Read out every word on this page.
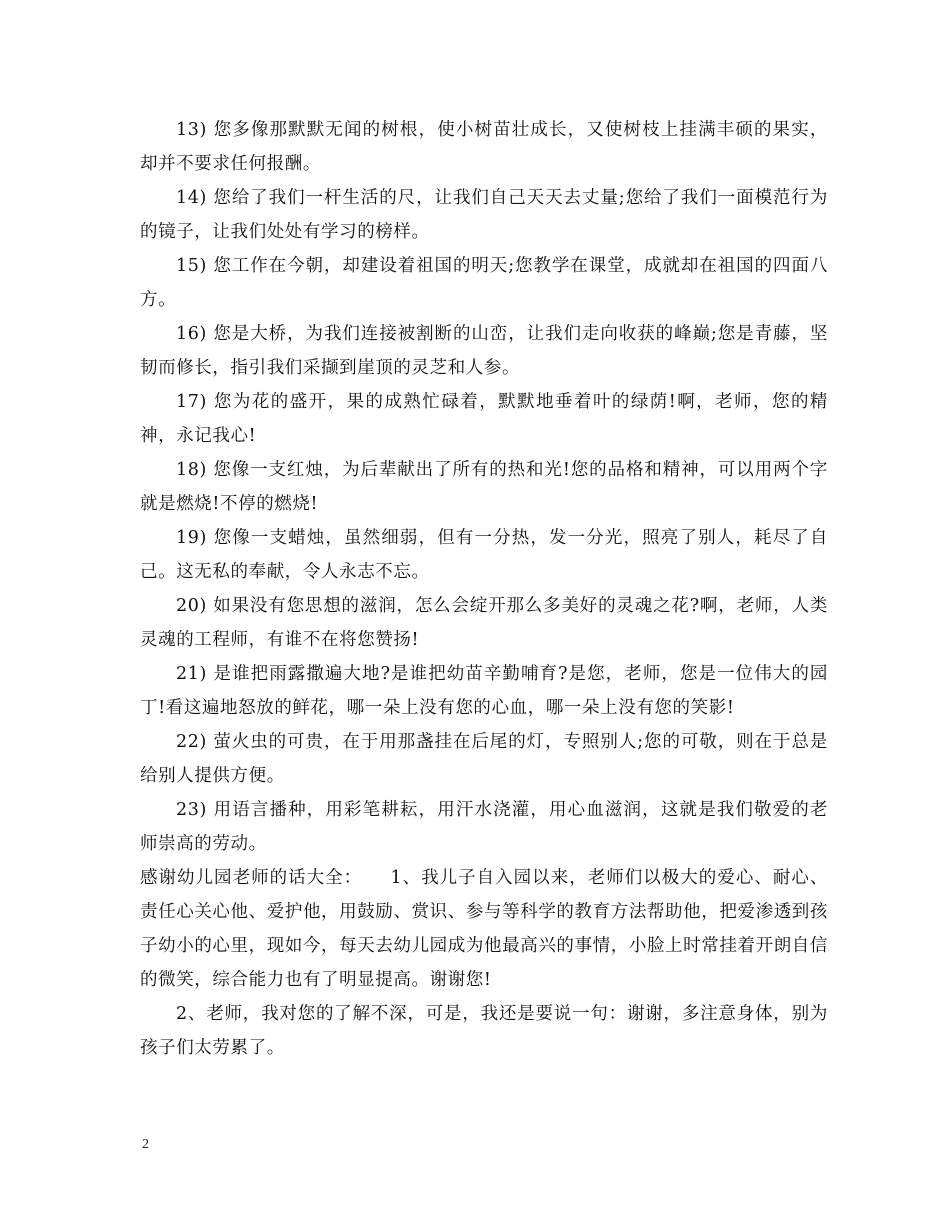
13) 您多像那默默无闻的树根，使小树苗壮成长，又使树枝上挂满丰硕的果实，却并不要求任何报酬。

14) 您给了我们一杆生活的尺，让我们自己天天去丈量;您给了我们一面模范行为的镜子，让我们处处有学习的榜样。

15) 您工作在今朝，却建设着祖国的明天;您教学在课堂，成就却在祖国的四面八方。

16) 您是大桥，为我们连接被割断的山峦，让我们走向收获的峰巅;您是青藤，坚韧而修长，指引我们采撷到崖顶的灵芝和人参。

17) 您为花的盛开，果的成熟忙碌着，默默地垂着叶的绿荫!啊，老师，您的精神，永记我心!

18) 您像一支红烛，为后辈献出了所有的热和光!您的品格和精神，可以用两个字就是燃烧!不停的燃烧!

19) 您像一支蜡烛，虽然细弱，但有一分热，发一分光，照亮了别人，耗尽了自己。这无私的奉献，令人永志不忘。

20) 如果没有您思想的滋润，怎么会绽开那么多美好的灵魂之花?啊，老师，人类灵魂的工程师，有谁不在将您赞扬!

21) 是谁把雨露撒遍大地?是谁把幼苗辛勤哺育?是您，老师，您是一位伟大的园丁!看这遍地怒放的鲜花，哪一朵上没有您的心血，哪一朵上没有您的笑影!

22) 萤火虫的可贵，在于用那盏挂在后尾的灯，专照别人;您的可敬，则在于总是给别人提供方便。

23) 用语言播种，用彩笔耕耘，用汗水浇灌，用心血滋润，这就是我们敬爱的老师崇高的劳动。

感谢幼儿园老师的话大全：　　1、我儿子自入园以来，老师们以极大的爱心、耐心、责任心关心他、爱护他，用鼓励、赏识、参与等科学的教育方法帮助他，把爱渗透到孩子幼小的心里，现如今，每天去幼儿园成为他最高兴的事情，小脸上时常挂着开朗自信的微笑，综合能力也有了明显提高。谢谢您!

2、老师，我对您的了解不深，可是，我还是要说一句：谢谢，多注意身体，别为孩子们太劳累了。

2
